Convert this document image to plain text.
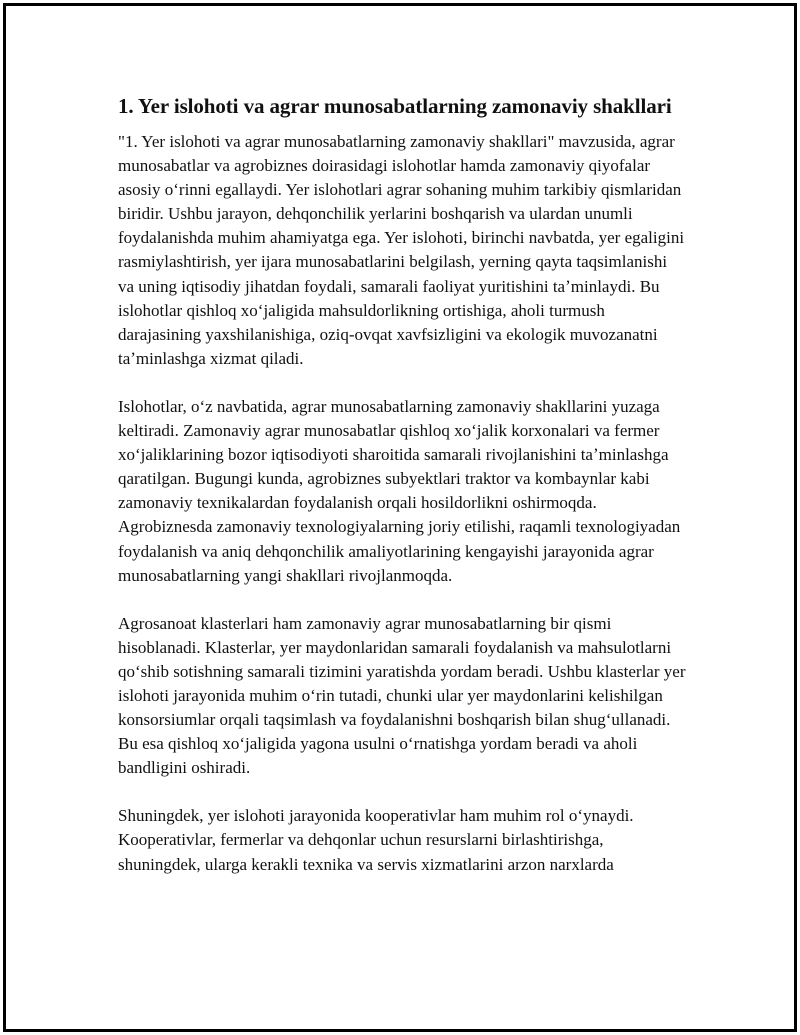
1. Yer islohoti va agrar munosabatlarning zamonaviy shakllari

"1. Yer islohoti va agrar munosabatlarning zamonaviy shakllari" mavzusida, agrar munosabatlar va agrobiznes doirasidagi islohotlar hamda zamonaviy qiyofalar asosiy oʻrinni egallaydi. Yer islohotlari agrar sohaning muhim tarkibiy qismlaridan biridir. Ushbu jarayon, dehqonchilik yerlarini boshqarish va ulardan unumli foydalanishda muhim ahamiyatga ega. Yer islohoti, birinchi navbatda, yer egaligini rasmiylashtirish, yer ijara munosabatlarini belgilash, yerning qayta taqsimlanishi va uning iqtisodiy jihatdan foydali, samarali faoliyat yuritishini taʼminlaydi. Bu islohotlar qishloq xoʻjaligida mahsuldorlikning ortishiga, aholi turmush darajasining yaxshilanishiga, oziq-ovqat xavfsizligini va ekologik muvozanatni taʼminlashga xizmat qiladi.

Islohotlar, oʻz navbatida, agrar munosabatlarning zamonaviy shakllarini yuzaga keltiradi. Zamonaviy agrar munosabatlar qishloq xoʻjalik korxonalari va fermer xoʻjaliklarining bozor iqtisodiyoti sharoitida samarali rivojlanishini taʼminlashga qaratilgan. Bugungi kunda, agrobiznes subyektlari traktor va kombaynlar kabi zamonaviy texnikalardan foydalanish orqali hosildorlikni oshirmoqda. Agrobiznesda zamonaviy texnologiyalarning joriy etilishi, raqamli texnologiyadan foydalanish va aniq dehqonchilik amaliyotlarining kengayishi jarayonida agrar munosabatlarning yangi shakllari rivojlanmoqda.

Agrosanoat klasterlari ham zamonaviy agrar munosabatlarning bir qismi hisoblanadi. Klasterlar, yer maydonlaridan samarali foydalanish va mahsulotlarni qoʻshib sotishning samarali tizimini yaratishda yordam beradi. Ushbu klasterlar yer islohoti jarayonida muhim oʻrin tutadi, chunki ular yer maydonlarini kelishilgan konsorsiumlar orqali taqsimlash va foydalanishni boshqarish bilan shugʻullanadi. Bu esa qishloq xoʻjaligida yagona usulni oʻrnatishga yordam beradi va aholi bandligini oshiradi.

Shuningdek, yer islohoti jarayonida kooperativlar ham muhim rol oʻynaydi. Kooperativlar, fermerlar va dehqonlar uchun resurslarni birlashtirishga, shuningdek, ularga kerakli texnika va servis xizmatlarini arzon narxlarda
